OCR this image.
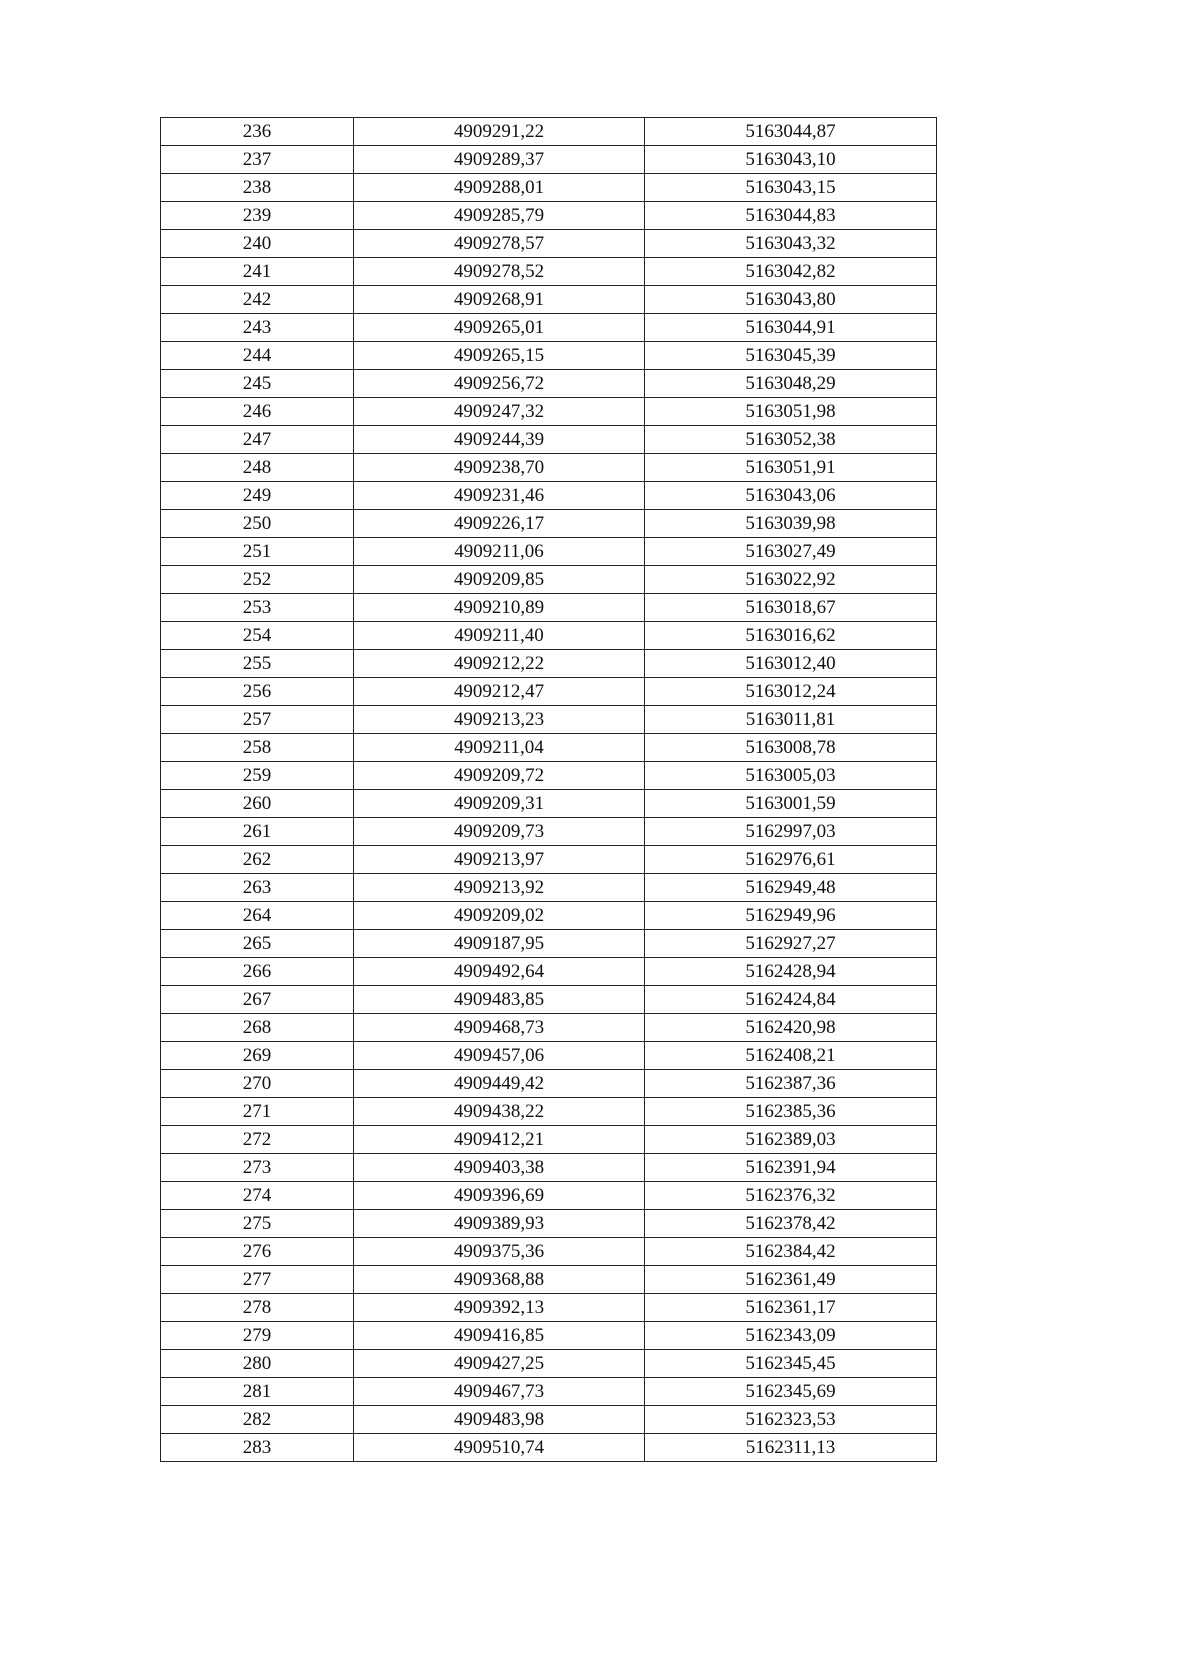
236	4909291,22	5163044,87
237	4909289,37	5163043,10
238	4909288,01	5163043,15
239	4909285,79	5163044,83
240	4909278,57	5163043,32
241	4909278,52	5163042,82
242	4909268,91	5163043,80
243	4909265,01	5163044,91
244	4909265,15	5163045,39
245	4909256,72	5163048,29
246	4909247,32	5163051,98
247	4909244,39	5163052,38
248	4909238,70	5163051,91
249	4909231,46	5163043,06
250	4909226,17	5163039,98
251	4909211,06	5163027,49
252	4909209,85	5163022,92
253	4909210,89	5163018,67
254	4909211,40	5163016,62
255	4909212,22	5163012,40
256	4909212,47	5163012,24
257	4909213,23	5163011,81
258	4909211,04	5163008,78
259	4909209,72	5163005,03
260	4909209,31	5163001,59
261	4909209,73	5162997,03
262	4909213,97	5162976,61
263	4909213,92	5162949,48
264	4909209,02	5162949,96
265	4909187,95	5162927,27
266	4909492,64	5162428,94
267	4909483,85	5162424,84
268	4909468,73	5162420,98
269	4909457,06	5162408,21
270	4909449,42	5162387,36
271	4909438,22	5162385,36
272	4909412,21	5162389,03
273	4909403,38	5162391,94
274	4909396,69	5162376,32
275	4909389,93	5162378,42
276	4909375,36	5162384,42
277	4909368,88	5162361,49
278	4909392,13	5162361,17
279	4909416,85	5162343,09
280	4909427,25	5162345,45
281	4909467,73	5162345,69
282	4909483,98	5162323,53
283	4909510,74	5162311,13
